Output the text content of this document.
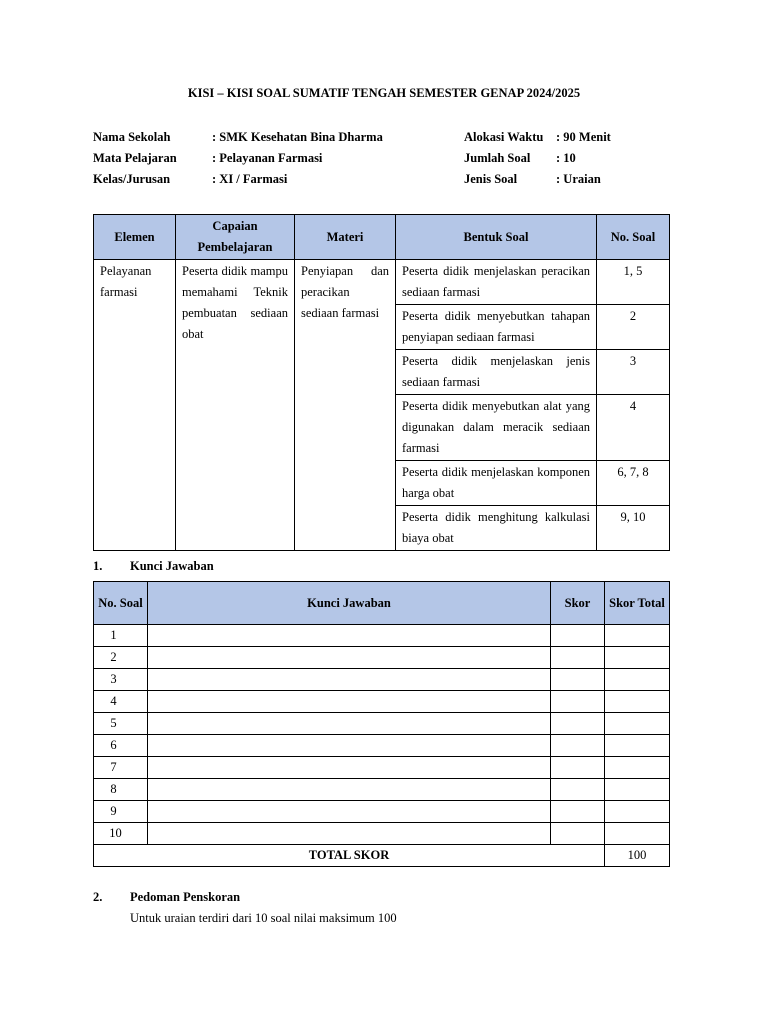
KISI – KISI SOAL SUMATIF TENGAH SEMESTER GENAP 2024/2025
Nama Sekolah	: SMK Kesehatan Bina Dharma
Mata Pelajaran	: Pelayanan Farmasi
Kelas/Jurusan	: XI / Farmasi
Alokasi Waktu	: 90 Menit
Jumlah Soal	: 10
Jenis Soal	: Uraian
Elemen	Capaian Pembelajaran	Materi	Bentuk Soal	No. Soal
Pelayanan farmasi	Peserta didik mampu memahami Teknik pembuatan sediaan obat	Penyiapan dan peracikan sediaan farmasi	Peserta didik menjelaskan peracikan sediaan farmasi	1, 5
			Peserta didik menyebutkan tahapan penyiapan sediaan farmasi	2
			Peserta didik menjelaskan jenis sediaan farmasi	3
			Peserta didik menyebutkan alat yang digunakan dalam meracik sediaan farmasi	4
			Peserta didik menjelaskan komponen harga obat	6, 7, 8
			Peserta didik menghitung kalkulasi biaya obat	9, 10
1. Kunci Jawaban
No. Soal	Kunci Jawaban	Skor	Skor Total
1			
2			
3			
4			
5			
6			
7			
8			
9			
10			
TOTAL SKOR			100
2. Pedoman Penskoran
Untuk uraian terdiri dari 10 soal nilai maksimum 100
